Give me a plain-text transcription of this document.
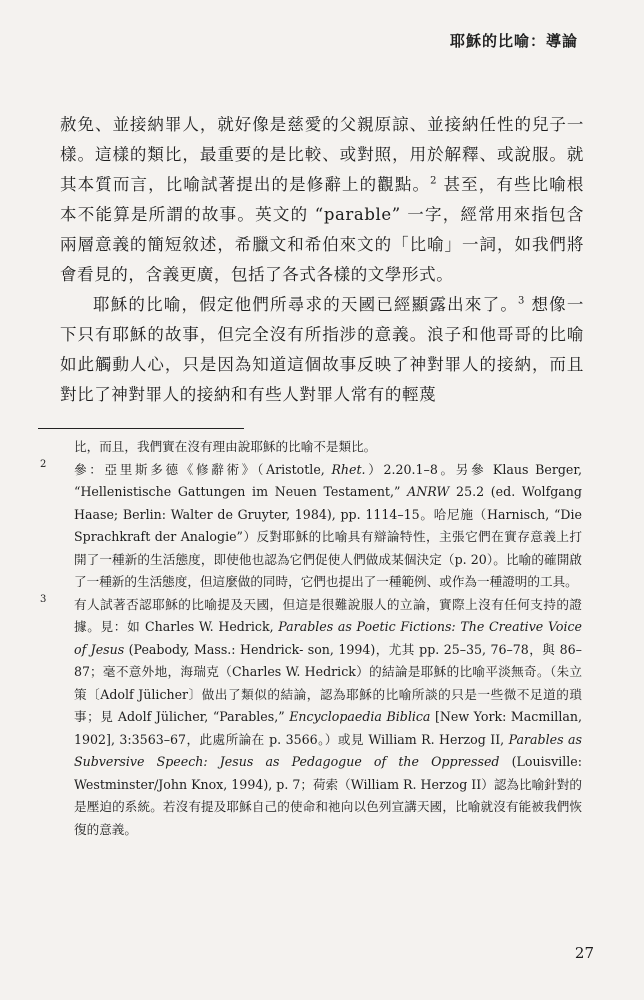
耶穌的比喻：導論

赦免、並接納罪人，就好像是慈愛的父親原諒、並接納任性的兒子一樣。這樣的類比，最重要的是比較、或對照，用於解釋、或說服。就其本質而言，比喻試著提出的是修辭上的觀點。$^2$ 甚至，有些比喻根本不能算是所謂的故事。英文的 “parable” 一字，經常用來指包含兩層意義的簡短敘述，希臘文和希伯來文的「比喻」一詞，如我們將會看見的，含義更廣，包括了各式各樣的文學形式。

耶穌的比喻，假定他們所尋求的天國已經顯露出來了。$^3$ 想像一下只有耶穌的故事，但完全沒有所指涉的意義。浪子和他哥哥的比喻如此觸動人心，只是因為知道這個故事反映了神對罪人的接納，而且對比了神對罪人的接納和有些人對罪人常有的輕蔑

比，而且，我們實在沒有理由說耶穌的比喻不是類比。
2 參：亞里斯多德《修辭術》（Aristotle, Rhet.）2.20.1–8。另參 Klaus Berger, “Hellenistische Gattungen im Neuen Testament,” ANRW 25.2 (ed. Wolfgang Haase; Berlin: Walter de Gruyter, 1984), pp. 1114–15。哈尼施（Harnisch, “Die Sprachkraft der Analogie”）反對耶穌的比喻具有辯論特性，主張它們在實存意義上打開了一種新的生活態度，即使他也認為它們促使人們做成某個決定（p. 20）。比喻的確開啟了一種新的生活態度，但這麼做的同時，它們也提出了一種範例、或作為一種證明的工具。
3 有人試著否認耶穌的比喻提及天國，但這是很難說服人的立論，實際上沒有任何支持的證據。見：如 Charles W. Hedrick, Parables as Poetic Fictions: The Creative Voice of Jesus (Peabody, Mass.: Hendrick- son, 1994)，尤其 pp. 25–35, 76–78，與 86–87；毫不意外地，海瑞克（Charles W. Hedrick）的結論是耶穌的比喻平淡無奇。（朱立策〔Adolf Jülicher〕做出了類似的結論，認為耶穌的比喻所談的只是一些微不足道的瑣事；見 Adolf Jülicher, “Parables,” Encyclopaedia Biblica [New York: Macmillan, 1902], 3:3563–67，此處所論在 p. 3566。）或見 William R. Herzog II, Parables as Subversive Speech: Jesus as Pedagogue of the Oppressed (Louisville: Westminster/John Knox, 1994), p. 7；荷索（William R. Herzog II）認為比喻針對的是壓迫的系統。若沒有提及耶穌自己的使命和祂向以色列宣講天國，比喻就沒有能被我們恢復的意義。
27
